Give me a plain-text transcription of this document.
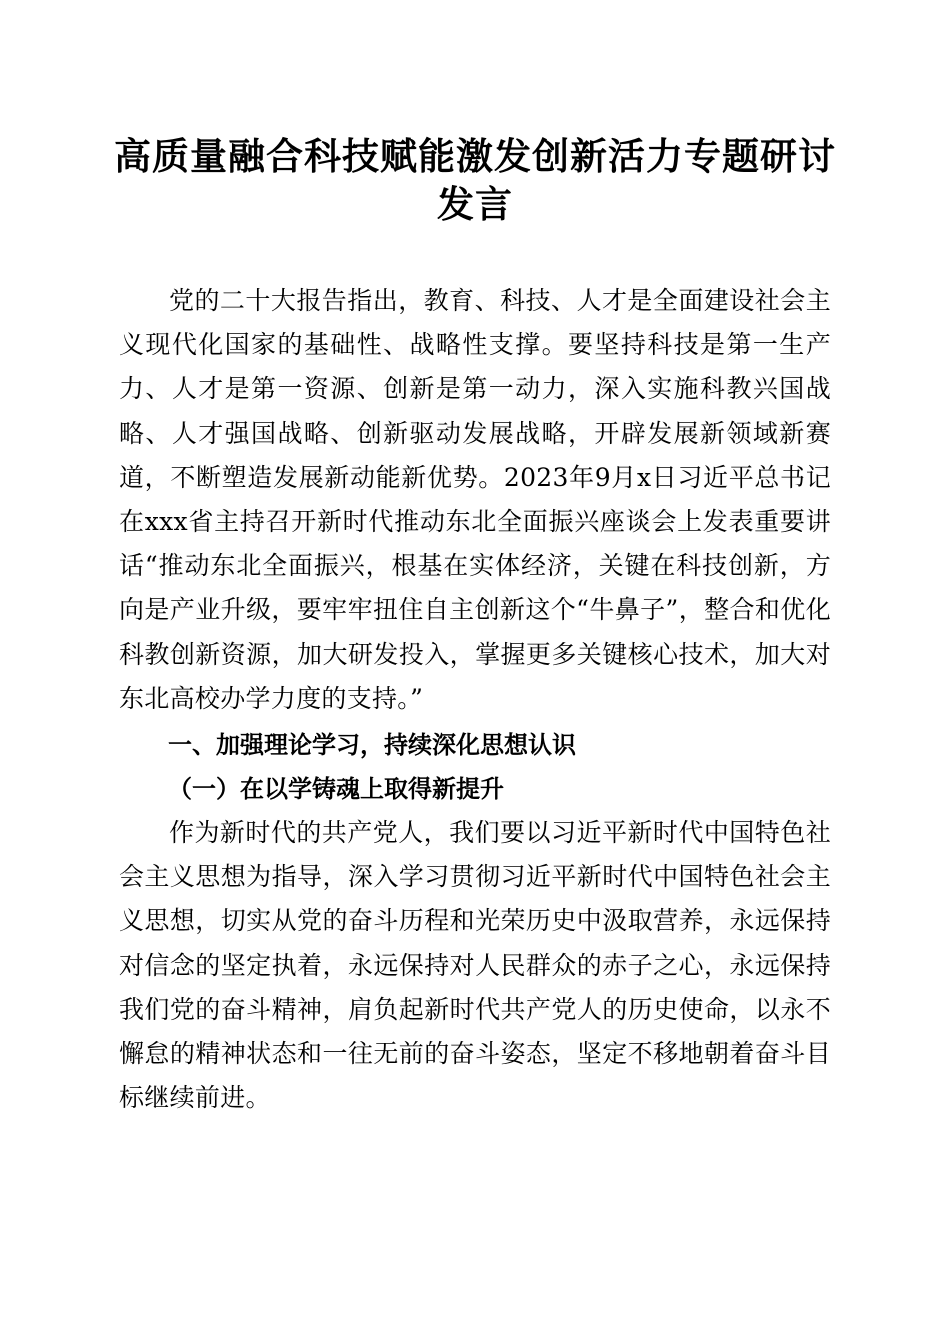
高质量融合科技赋能激发创新活力专题研讨发言

党的二十大报告指出，教育、科技、人才是全面建设社会主义现代化国家的基础性、战略性支撑。要坚持科技是第一生产力、人才是第一资源、创新是第一动力，深入实施科教兴国战略、人才强国战略、创新驱动发展战略，开辟发展新领域新赛道，不断塑造发展新动能新优势。2023年9月x日习近平总书记在xxx省主持召开新时代推动东北全面振兴座谈会上发表重要讲话“推动东北全面振兴，根基在实体经济，关键在科技创新，方向是产业升级，要牢牢扭住自主创新这个“牛鼻子”，整合和优化科教创新资源，加大研发投入，掌握更多关键核心技术，加大对东北高校办学力度的支持。”

一、加强理论学习，持续深化思想认识
（一）在以学铸魂上取得新提升

作为新时代的共产党人，我们要以习近平新时代中国特色社会主义思想为指导，深入学习贯彻习近平新时代中国特色社会主义思想，切实从党的奋斗历程和光荣历史中汲取营养，永远保持对信念的坚定执着，永远保持对人民群众的赤子之心，永远保持我们党的奋斗精神，肩负起新时代共产党人的历史使命，以永不懈怠的精神状态和一往无前的奋斗姿态，坚定不移地朝着奋斗目标继续前进。
